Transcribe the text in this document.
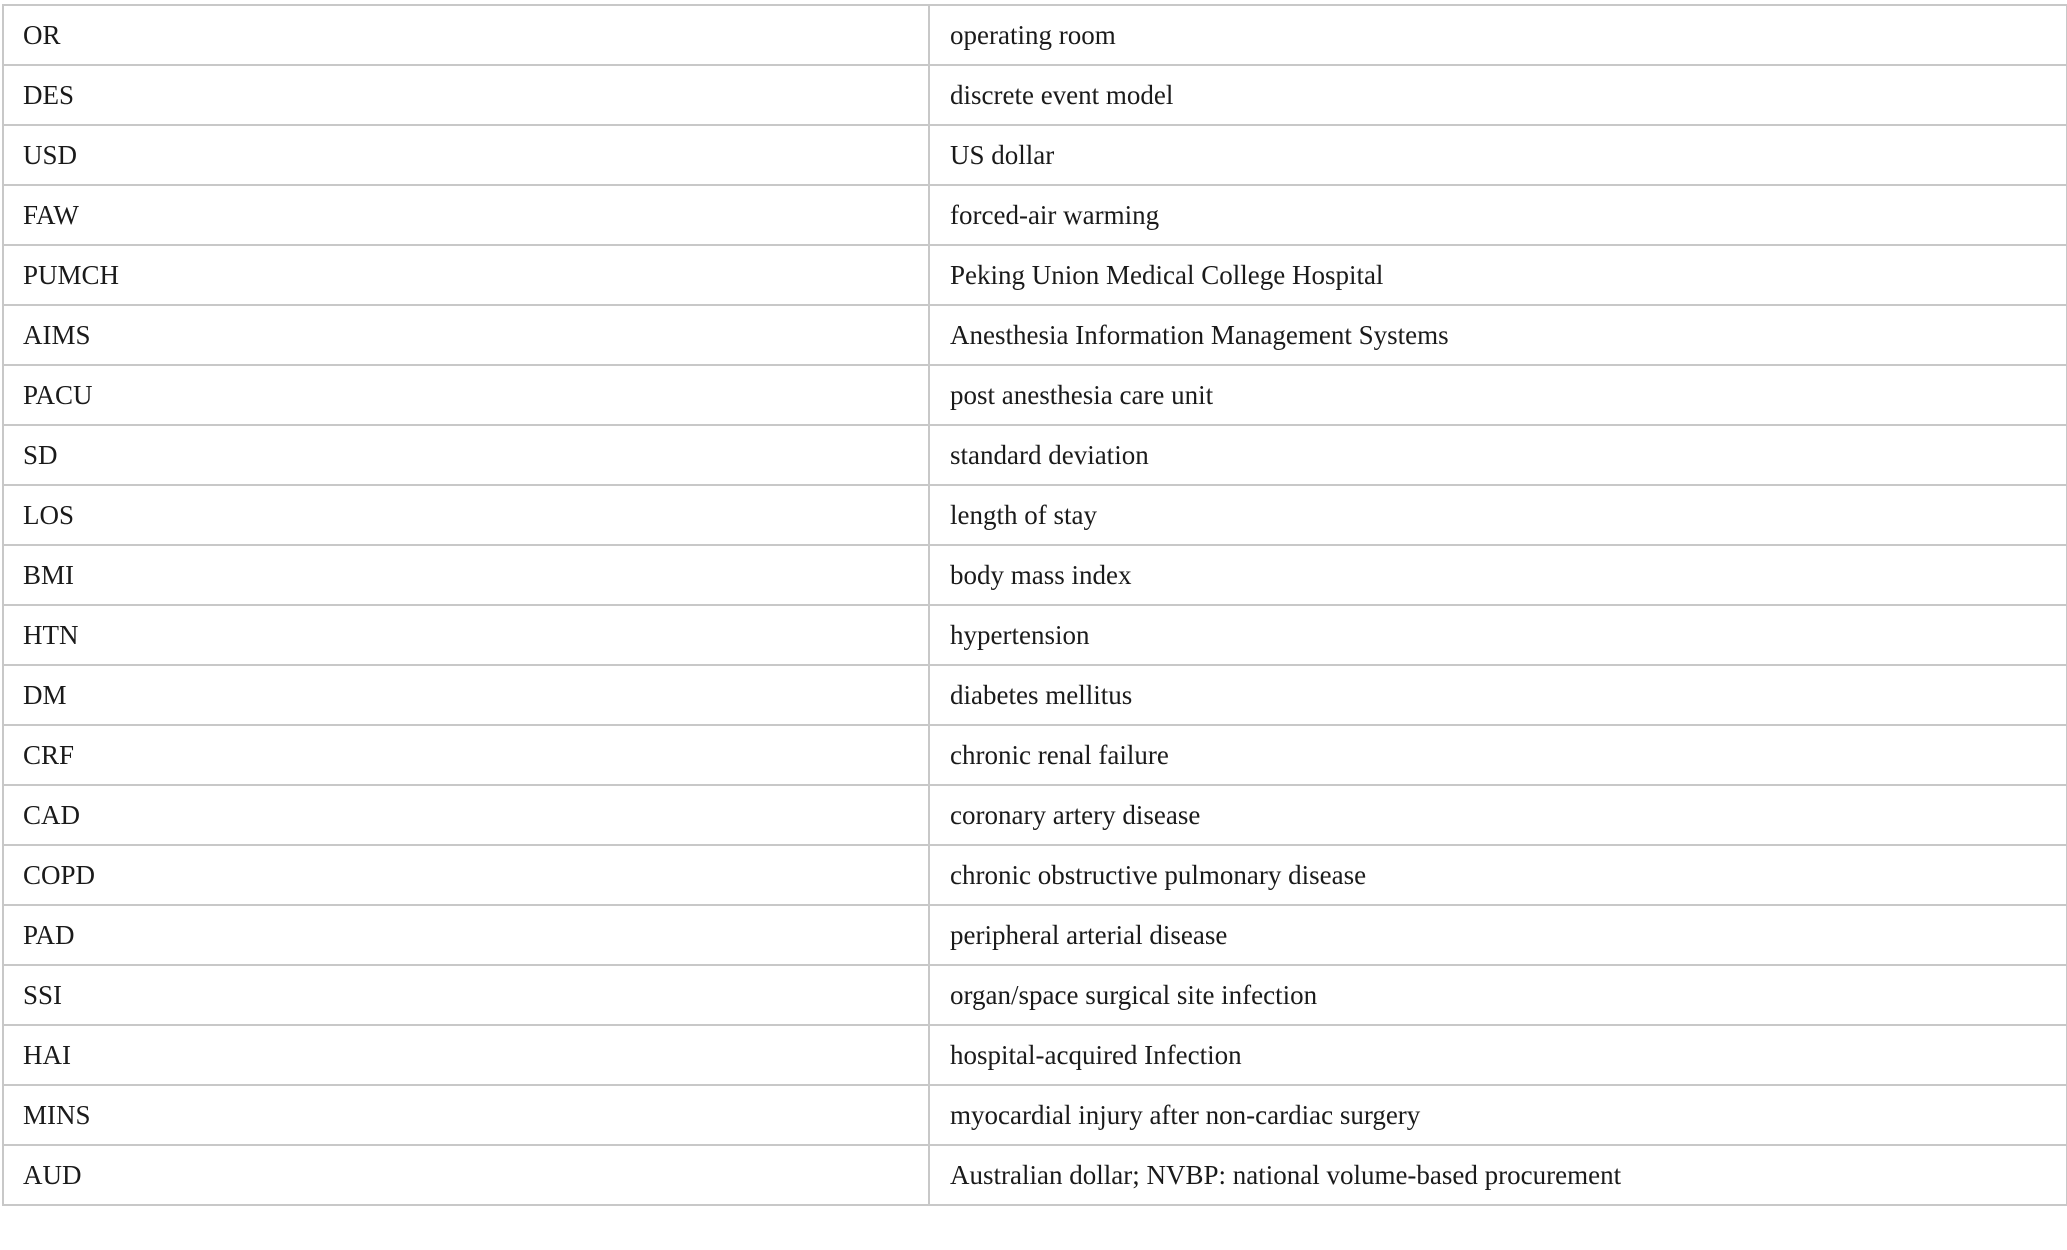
OR	operating room
DES	discrete event model
USD	US dollar
FAW	forced-air warming
PUMCH	Peking Union Medical College Hospital
AIMS	Anesthesia Information Management Systems
PACU	post anesthesia care unit
SD	standard deviation
LOS	length of stay
BMI	body mass index
HTN	hypertension
DM	diabetes mellitus
CRF	chronic renal failure
CAD	coronary artery disease
COPD	chronic obstructive pulmonary disease
PAD	peripheral arterial disease
SSI	organ/space surgical site infection
HAI	hospital-acquired Infection
MINS	myocardial injury after non-cardiac surgery
AUD	Australian dollar; NVBP: national volume-based procurement
